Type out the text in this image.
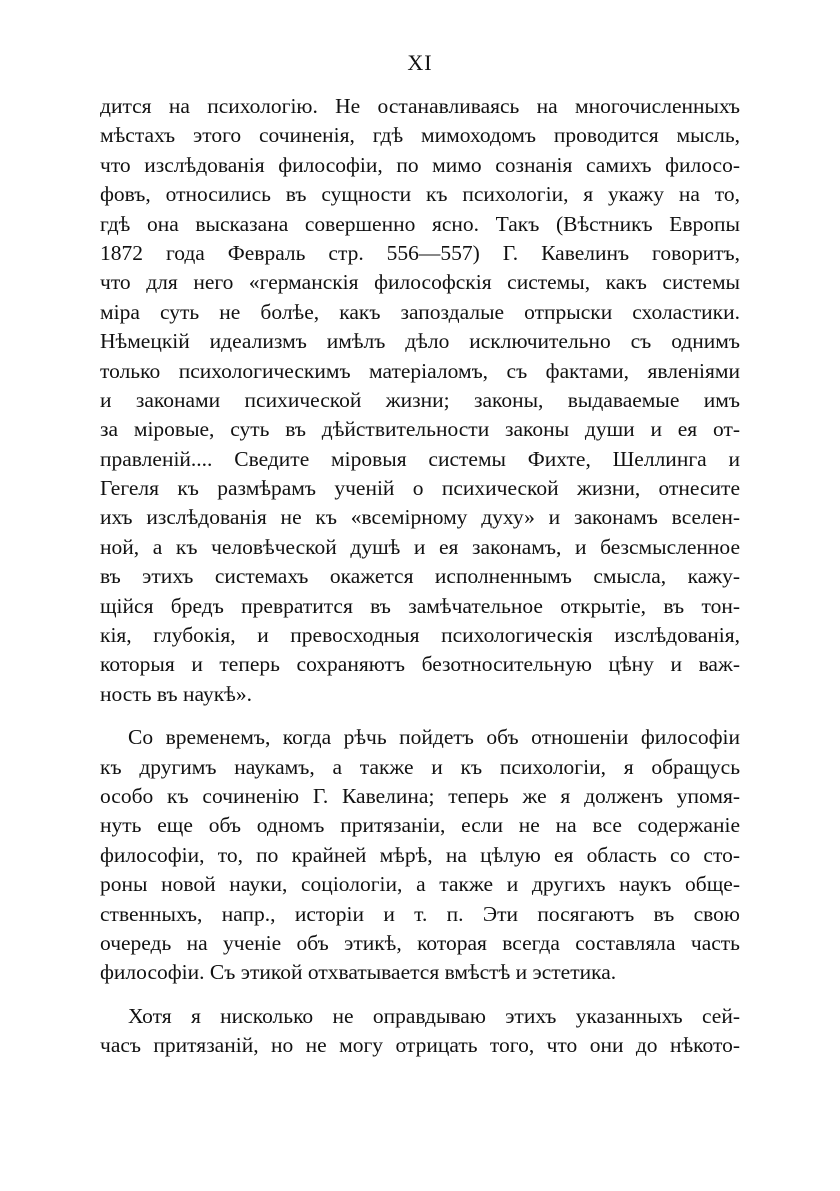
XI
дится на психологію. Не останавливаясь на многочисленныхъ
мѣстахъ этого сочиненія, гдѣ мимоходомъ проводится мысль,
что изслѣдованія философіи, по мимо сознанія самихъ филосо-
фовъ, относились въ сущности къ психологіи, я укажу на то,
гдѣ она высказана совершенно ясно. Такъ (Вѣстникъ Европы
1872 года Февраль стр. 556—557) Г. Кавелинъ говоритъ,
что для него «германскія философскія системы, какъ системы
міра суть не болѣе, какъ запоздалые отпрыски схоластики.
Нѣмецкій идеализмъ имѣлъ дѣло исключительно съ однимъ
только психологическимъ матеріаломъ, съ фактами, явленіями
и законами психической жизни; законы, выдаваемые имъ
за міровые, суть въ дѣйствительности законы души и ея от-
правленій.... Сведите міровыя системы Фихте, Шеллинга и
Гегеля къ размѣрамъ ученій о психической жизни, отнесите
ихъ изслѣдованія не къ «всемірному духу» и законамъ вселен-
ной, а къ человѣческой душѣ и ея законамъ, и безсмысленное
въ этихъ системахъ окажется исполненнымъ смысла, кажу-
щійся бредъ превратится въ замѣчательное открытіе, въ тон-
кія, глубокія, и превосходныя психологическія изслѣдованія,
которыя и теперь сохраняютъ безотносительную цѣну и важ-
ность въ наукѣ».
Со временемъ, когда рѣчь пойдетъ объ отношеніи философіи
къ другимъ наукамъ, а также и къ психологіи, я обращусь
особо къ сочиненію Г. Кавелина; теперь же я долженъ упомя-
нуть еще объ одномъ притязаніи, если не на все содержаніе
философіи, то, по крайней мѣрѣ, на цѣлую ея область со сто-
роны новой науки, соціологіи, а также и другихъ наукъ обще-
ственныхъ, напр., исторіи и т. п. Эти посягаютъ въ свою
очередь на ученіе объ этикѣ, которая всегда составляла часть
философіи. Съ этикой отхватывается вмѣстѣ и эстетика.
Хотя я нисколько не оправдываю этихъ указанныхъ сей-
часъ притязаній, но не могу отрицать того, что они до нѣкото-
